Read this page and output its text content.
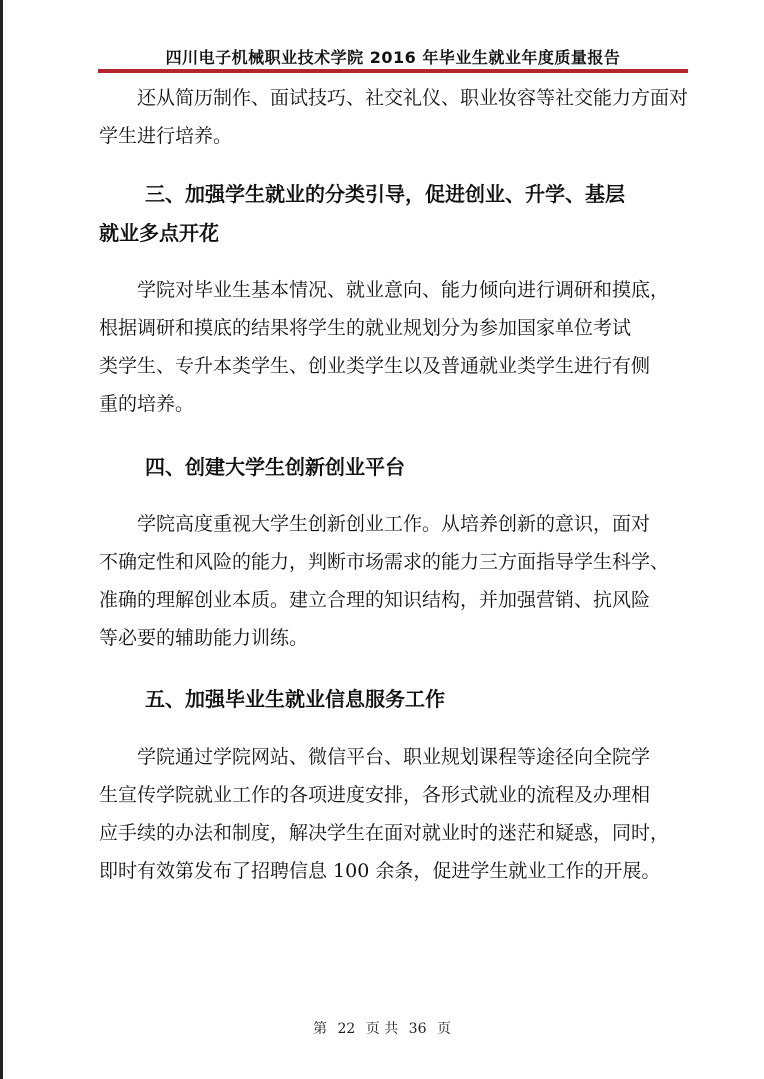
四川电子机械职业技术学院 2016 年毕业生就业年度质量报告
还从简历制作、面试技巧、社交礼仪、职业妆容等社交能力方面对
学生进行培养。
三、加强学生就业的分类引导，促进创业、升学、基层
就业多点开花
学院对毕业生基本情况、就业意向、能力倾向进行调研和摸底，
根据调研和摸底的结果将学生的就业规划分为参加国家单位考试
类学生、专升本类学生、创业类学生以及普通就业类学生进行有侧
重的培养。
四、创建大学生创新创业平台
学院高度重视大学生创新创业工作。从培养创新的意识，面对
不确定性和风险的能力，判断市场需求的能力三方面指导学生科学、
准确的理解创业本质。建立合理的知识结构，并加强营销、抗风险
等必要的辅助能力训练。
五、加强毕业生就业信息服务工作
学院通过学院网站、微信平台、职业规划课程等途径向全院学
生宣传学院就业工作的各项进度安排，各形式就业的流程及办理相
应手续的办法和制度，解决学生在面对就业时的迷茫和疑惑，同时，
即时有效第发布了招聘信息 100 余条，促进学生就业工作的开展。
第 22 页 共 36 页
